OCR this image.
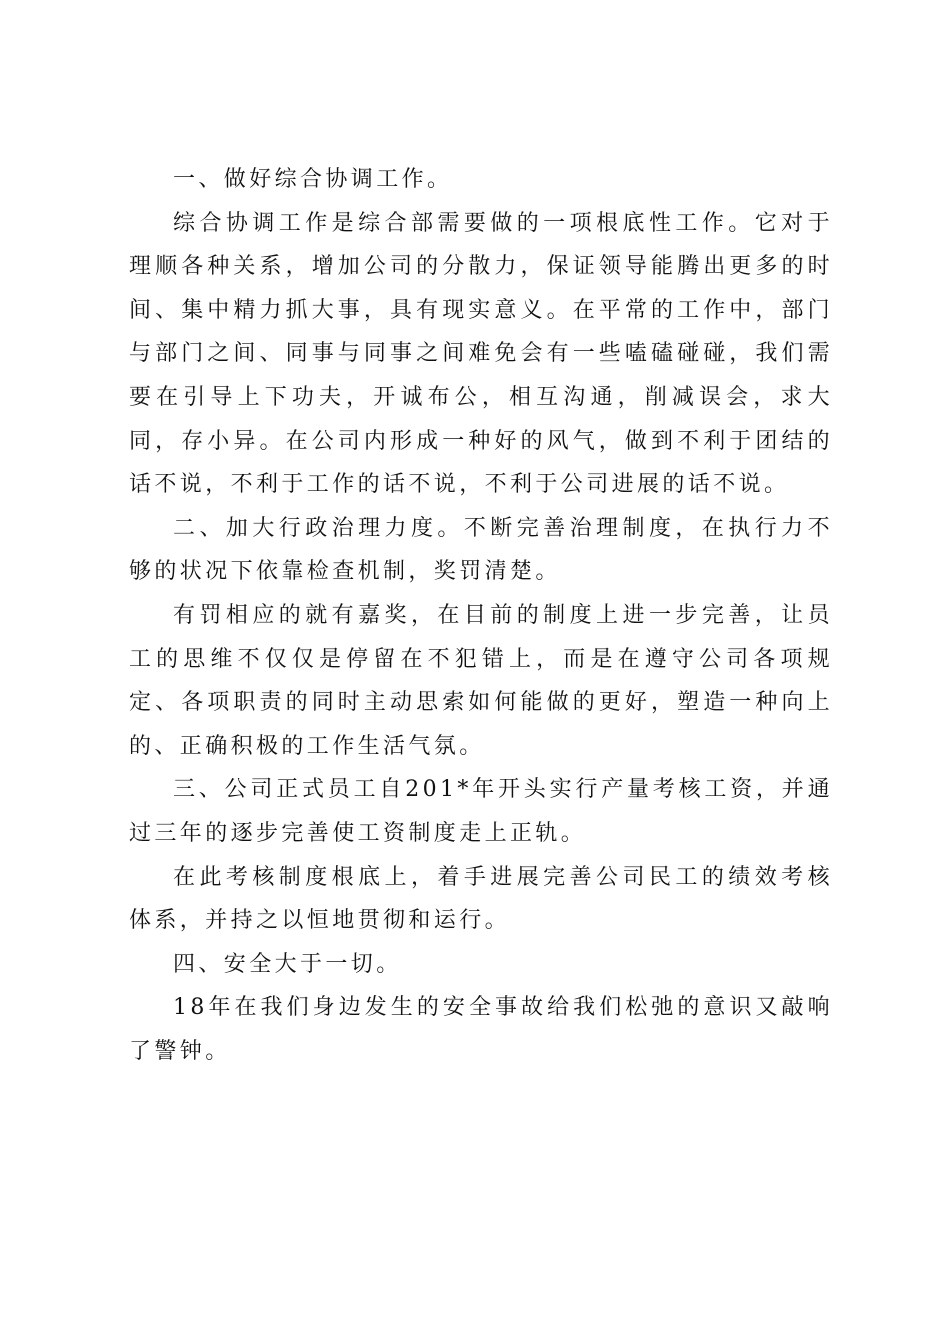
一、做好综合协调工作。

综合协调工作是综合部需要做的一项根底性工作。它对于理顺各种关系，增加公司的分散力，保证领导能腾出更多的时间、集中精力抓大事，具有现实意义。在平常的工作中，部门与部门之间、同事与同事之间难免会有一些嗑磕碰碰，我们需要在引导上下功夫，开诚布公，相互沟通，削减误会，求大同，存小异。在公司内形成一种好的风气，做到不利于团结的话不说，不利于工作的话不说，不利于公司进展的话不说。

二、加大行政治理力度。不断完善治理制度，在执行力不够的状况下依靠检查机制，奖罚清楚。

有罚相应的就有嘉奖，在目前的制度上进一步完善，让员工的思维不仅仅是停留在不犯错上，而是在遵守公司各项规定、各项职责的同时主动思索如何能做的更好，塑造一种向上的、正确积极的工作生活气氛。

三、公司正式员工自201*年开头实行产量考核工资，并通过三年的逐步完善使工资制度走上正轨。

在此考核制度根底上，着手进展完善公司民工的绩效考核体系，并持之以恒地贯彻和运行。

四、安全大于一切。

18年在我们身边发生的安全事故给我们松弛的意识又敲响了警钟。
